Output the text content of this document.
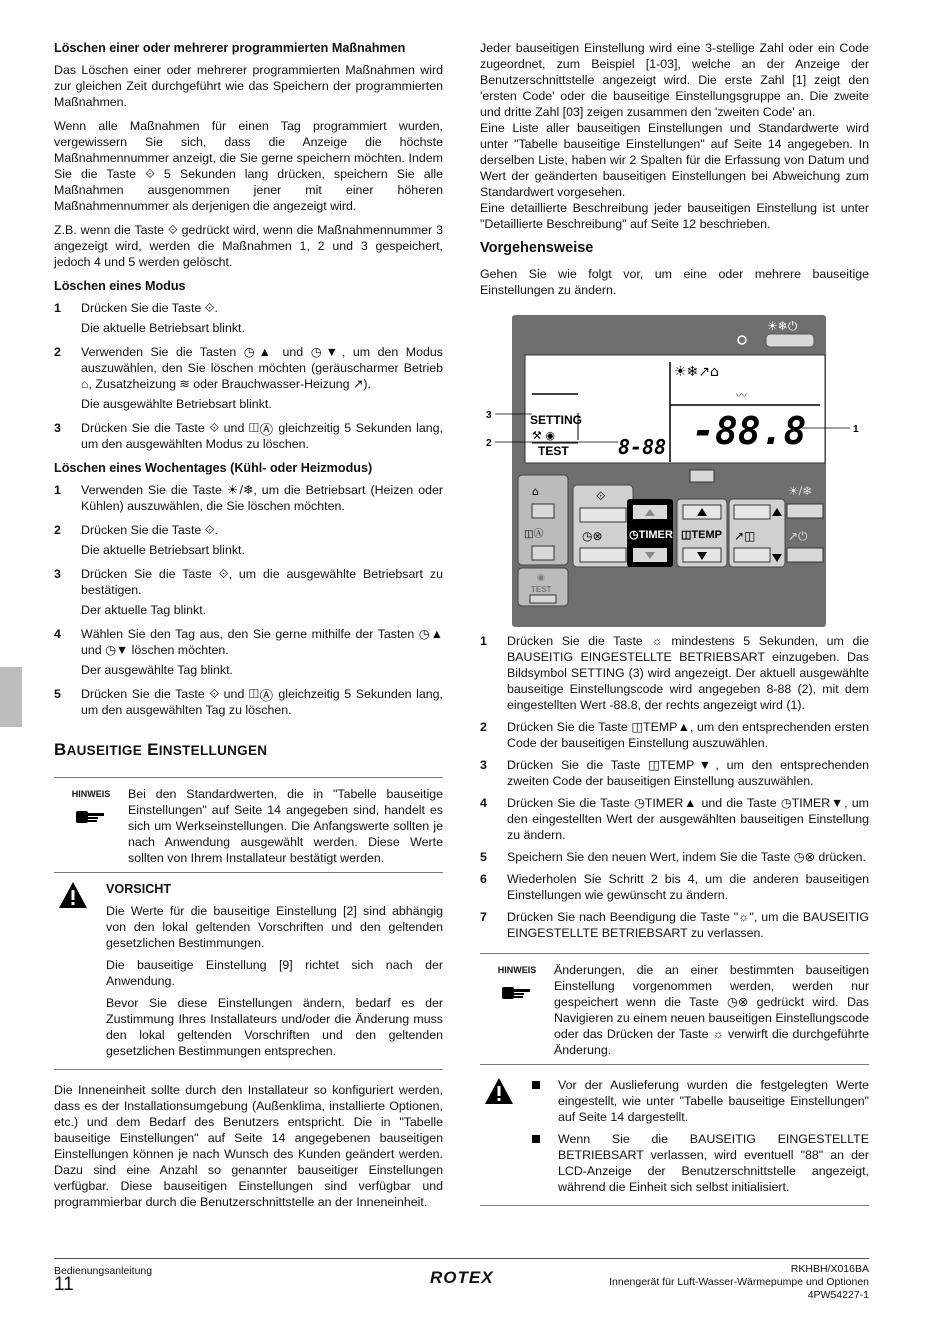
Löschen einer oder mehrerer programmierten Maßnahmen

Das Löschen einer oder mehrerer programmierten Maßnahmen wird zur gleichen Zeit durchgeführt wie das Speichern der programmierten Maßnahmen.

Wenn alle Maßnahmen für einen Tag programmiert wurden, vergewissern Sie sich, dass die Anzeige die höchste Maßnahmennummer anzeigt, die Sie gerne speichern möchten. Indem Sie die Taste ⟐ 5 Sekunden lang drücken, speichern Sie alle Maßnahmen ausgenommen jener mit einer höheren Maßnahmennummer als derjenigen die angezeigt wird.

Z.B. wenn die Taste ⟐ gedrückt wird, wenn die Maßnahmennummer 3 angezeigt wird, werden die Maßnahmen 1, 2 und 3 gespeichert, jedoch 4 und 5 werden gelöscht.

Löschen eines Modus
1 Drücken Sie die Taste ⟐.

Die aktuelle Betriebsart blinkt.

2 Verwenden Sie die Tasten ◷▲ und ◷▼, um den Modus auszuwählen, den Sie löschen möchten (geräuscharmer Betrieb ⌂, Zusatzheizung ≋ oder Brauchwasser-Heizung ↗).

Die ausgewählte Betriebsart blinkt.

3 Drücken Sie die Taste ⟐ und ◫Ⓐ gleichzeitig 5 Sekunden lang, um den ausgewählten Modus zu löschen.

Löschen eines Wochentages (Kühl- oder Heizmodus)
1 Verwenden Sie die Taste ☀/❄, um die Betriebsart (Heizen oder Kühlen) auszuwählen, die Sie löschen möchten.

2 Drücken Sie die Taste ⟐.

Die aktuelle Betriebsart blinkt.

3 Drücken Sie die Taste ⟐, um die ausgewählte Betriebsart zu bestätigen.

Der aktuelle Tag blinkt.

4 Wählen Sie den Tag aus, den Sie gerne mithilfe der Tasten ◷▲ und ◷▼ löschen möchten.

Der ausgewählte Tag blinkt.

5 Drücken Sie die Taste ⟐ und ◫Ⓐ gleichzeitig 5 Sekunden lang, um den ausgewählten Tag zu löschen.

BAUSEITIGE EINSTELLUNGEN
HINWEIS	Bei den Standardwerten, die in "Tabelle bauseitige Einstellungen" auf Seite 14 angegeben sind, handelt es sich um Werkseinstellungen. Die Anfangswerte sollten je nach Anwendung ausgewählt werden. Diese Werte sollten von Ihrem Installateur bestätigt werden.
VORSICHT

Die Werte für die bauseitige Einstellung [2] sind abhängig von den lokal geltenden Vorschriften und den geltenden gesetzlichen Bestimmungen.

Die bauseitige Einstellung [9] richtet sich nach der Anwendung.

Bevor Sie diese Einstellungen ändern, bedarf es der Zustimmung Ihres Installateurs und/oder die Änderung muss den lokal geltenden Vorschriften und den geltenden gesetzlichen Bestimmungen entsprechen.

Die Inneneinheit sollte durch den Installateur so konfiguriert werden, dass es der Installationsumgebung (Außenklima, installierte Optionen, etc.) und dem Bedarf des Benutzers entspricht. Die in "Tabelle bauseitige Einstellungen" auf Seite 14 angegebenen bauseitigen Einstellungen können je nach Wunsch des Kunden geändert werden. Dazu sind eine Anzahl so genannter bauseitiger Einstellungen verfügbar. Diese bauseitigen Einstellungen sind verfügbar und programmierbar durch die Benutzerschnittstelle an der Inneneinheit.

Jeder bauseitigen Einstellung wird eine 3-stellige Zahl oder ein Code zugeordnet, zum Beispiel [1-03], welche an der Anzeige der Benutzerschnittstelle angezeigt wird. Die erste Zahl [1] zeigt den 'ersten Code' oder die bauseitige Einstellungsgruppe an. Die zweite und dritte Zahl [03] zeigen zusammen den 'zweiten Code' an.

Eine Liste aller bauseitigen Einstellungen und Standardwerte wird unter "Tabelle bauseitige Einstellungen" auf Seite 14 angegeben. In derselben Liste, haben wir 2 Spalten für die Erfassung von Datum und Wert der geänderten bauseitigen Einstellungen bei Abweichung zum Standardwert vorgesehen.

Eine detaillierte Beschreibung jeder bauseitigen Einstellung ist unter "Detaillierte Beschreibung" auf Seite 12 beschrieben.

Vorgehensweise

Gehen Sie wie folgt vor, um eine oder mehrere bauseitige Einstellungen zu ändern.

☀❄⏻
☀❄↗⌂
〰
SETTING
⚒ ◉
TEST 8-88 -88.8
3
2
1
⌂
◫Ⓐ
◉
TEST
⟐
◷⊗ ◷TIMER ◫TEMP ↗◫
☀/❄
↗⏻
1 Drücken Sie die Taste ☼ mindestens 5 Sekunden, um die BAUSEITIG EINGESTELLTE BETRIEBSART einzugeben. Das Bildsymbol SETTING (3) wird angezeigt. Der aktuell ausgewählte bauseitige Einstellungscode wird angegeben 8-88 (2), mit dem eingestellten Wert -88.8, der rechts angezeigt wird (1).
2 Drücken Sie die Taste ◫TEMP▲, um den entsprechenden ersten Code der bauseitigen Einstellung auszuwählen.
3 Drücken Sie die Taste ◫TEMP▼, um den entsprechenden zweiten Code der bauseitigen Einstellung auszuwählen.
4 Drücken Sie die Taste ◷TIMER▲ und die Taste ◷TIMER▼, um den eingestellten Wert der ausgewählten bauseitigen Einstellung zu ändern.
5 Speichern Sie den neuen Wert, indem Sie die Taste ◷⊗ drücken.
6 Wiederholen Sie Schritt 2 bis 4, um die anderen bauseitigen Einstellungen wie gewünscht zu ändern.
7 Drücken Sie nach Beendigung die Taste "☼", um die BAUSEITIG EINGESTELLTE BETRIEBSART zu verlassen.
HINWEIS	Änderungen, die an einer bestimmten bauseitigen Einstellung vorgenommen werden, werden nur gespeichert wenn die Taste ◷⊗ gedrückt wird. Das Navigieren zu einem neuen bauseitigen Einstellungscode oder das Drücken der Taste ☼ verwirft die durchgeführte Änderung.
Vor der Auslieferung wurden die festgelegten Werte eingestellt, wie unter "Tabelle bauseitige Einstellungen" auf Seite 14 dargestellt.
Wenn Sie die BAUSEITIG EINGESTELLTE BETRIEBSART verlassen, wird eventuell "88" an der LCD-Anzeige der Benutzerschnittstelle angezeigt, während die Einheit sich selbst initialisiert.
Bedienungsanleitung
11	ROTEX	RKHBH/X016BA
Innengerät für Luft-Wasser-Wärmepumpe und Optionen
4PW54227-1
